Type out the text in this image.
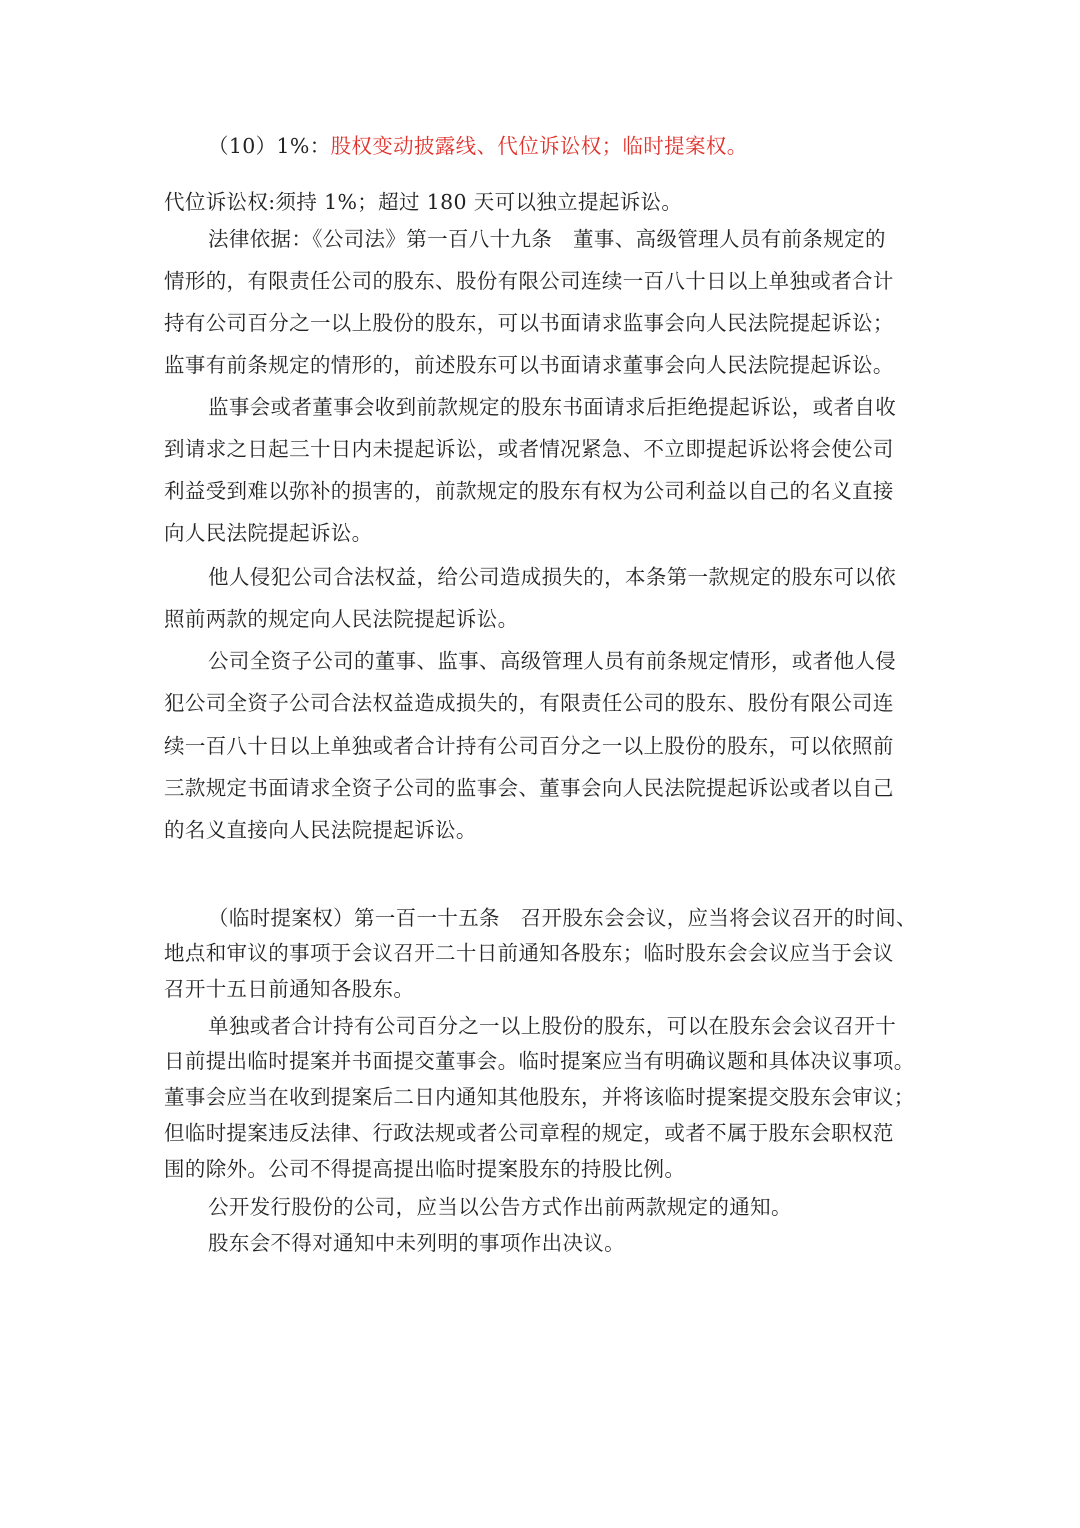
（10）1%：股权变动披露线、代位诉讼权；临时提案权。
代位诉讼权:须持 1%；超过 180 天可以独立提起诉讼。
法律依据：《公司法》第一百八十九条　董事、高级管理人员有前条规定的
情形的，有限责任公司的股东、股份有限公司连续一百八十日以上单独或者合计
持有公司百分之一以上股份的股东，可以书面请求监事会向人民法院提起诉讼；
监事有前条规定的情形的，前述股东可以书面请求董事会向人民法院提起诉讼。
监事会或者董事会收到前款规定的股东书面请求后拒绝提起诉讼，或者自收
到请求之日起三十日内未提起诉讼，或者情况紧急、不立即提起诉讼将会使公司
利益受到难以弥补的损害的，前款规定的股东有权为公司利益以自己的名义直接
向人民法院提起诉讼。
他人侵犯公司合法权益，给公司造成损失的，本条第一款规定的股东可以依
照前两款的规定向人民法院提起诉讼。
公司全资子公司的董事、监事、高级管理人员有前条规定情形，或者他人侵
犯公司全资子公司合法权益造成损失的，有限责任公司的股东、股份有限公司连
续一百八十日以上单独或者合计持有公司百分之一以上股份的股东，可以依照前
三款规定书面请求全资子公司的监事会、董事会向人民法院提起诉讼或者以自己
的名义直接向人民法院提起诉讼。
（临时提案权）第一百一十五条　召开股东会会议，应当将会议召开的时间、
地点和审议的事项于会议召开二十日前通知各股东；临时股东会会议应当于会议
召开十五日前通知各股东。
单独或者合计持有公司百分之一以上股份的股东，可以在股东会会议召开十
日前提出临时提案并书面提交董事会。临时提案应当有明确议题和具体决议事项。
董事会应当在收到提案后二日内通知其他股东，并将该临时提案提交股东会审议；
但临时提案违反法律、行政法规或者公司章程的规定，或者不属于股东会职权范
围的除外。公司不得提高提出临时提案股东的持股比例。
公开发行股份的公司，应当以公告方式作出前两款规定的通知。
股东会不得对通知中未列明的事项作出决议。
